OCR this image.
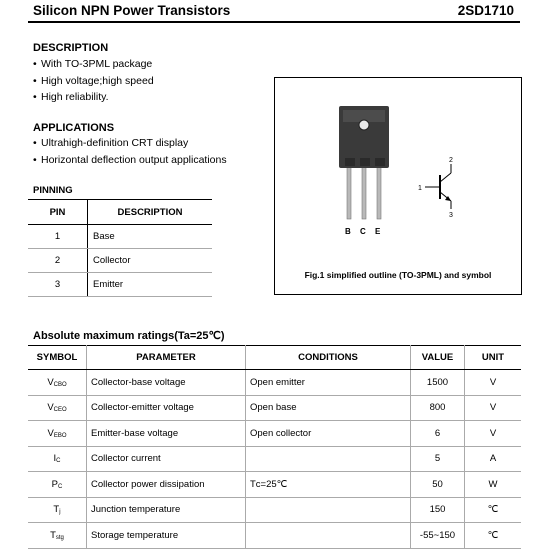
Silicon NPN Power Transistors	2SD1710
DESCRIPTION
• With TO-3PML package
• High voltage;high speed
• High reliability.
APPLICATIONS
• Ultrahigh-definition CRT display
• Horizontal deflection output applications
PINNING
PIN	DESCRIPTION
1	Base
2	Collector
3	Emitter
B C E
1
2
3
Fig.1 simplified outline (TO-3PML) and symbol
Absolute maximum ratings(Ta=25℃)
SYMBOL	PARAMETER	CONDITIONS	VALUE	UNIT
$V_{CBO}$	Collector-base voltage	Open emitter	1500	V
$V_{CEO}$	Collector-emitter voltage	Open base	800	V
$V_{EBO}$	Emitter-base voltage	Open collector	6	V
$I_C$	Collector current		5	A
$P_C$	Collector power dissipation	Tᴄ=25℃	50	W
$T_j$	Junction temperature		150	℃
$T_{stg}$	Storage temperature		-55~150	℃
